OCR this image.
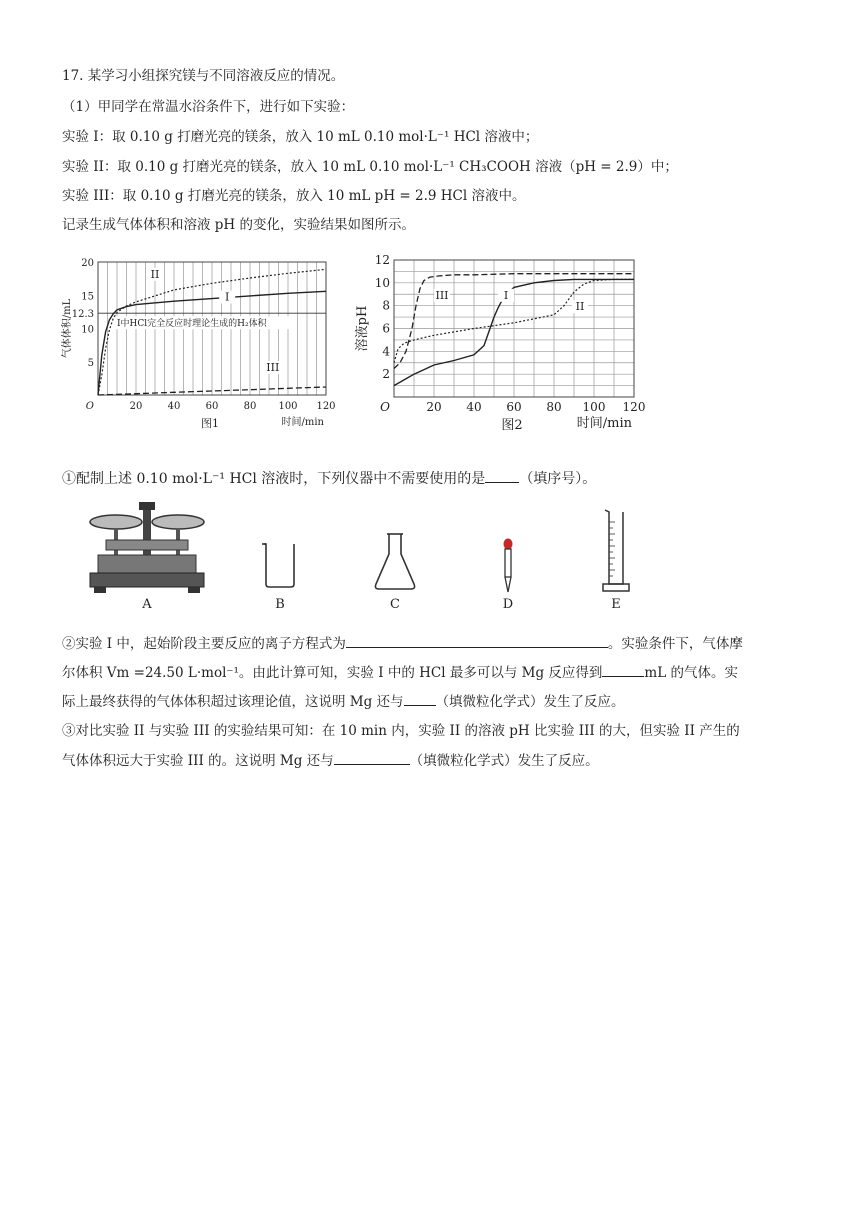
17. 某学习小组探究镁与不同溶液反应的情况。
（1）甲同学在常温水浴条件下，进行如下实验：
实验 I：取 0.10 g 打磨光亮的镁条，放入 10 mL 0.10 mol·L⁻¹ HCl 溶液中；
实验 II：取 0.10 g 打磨光亮的镁条，放入 10 mL 0.10 mol·L⁻¹ CH₃COOH 溶液（pH = 2.9）中；
实验 III：取 0.10 g 打磨光亮的镁条，放入 10 mL pH = 2.9 HCl 溶液中。
记录生成气体体积和溶液 pH 的变化，实验结果如图所示。
I中HCl完全反应时理论生成的H₂体积
20	40	60	80 100 120
5
10
12.3
15
20
O
I
II
III
时间/min
气体体积/mL
图1
20 40 60 80 100 120
2
4
6
8
10
12
O
I
II
III
时间/min
溶液pH
图2
①配制上述 0.10 mol·L⁻¹ HCl 溶液时，下列仪器中不需要使用的是 （填序号）。
A	B	C	D	E
②实验 I 中，起始阶段主要反应的离子方程式为	。实验条件下，气体摩
尔体积 Vm =24.50 L·mol⁻¹。由此计算可知，实验 I 中的 HCl 最多可以与 Mg 反应得到	mL 的气体。实
际上最终获得的气体体积超过该理论值，这说明 Mg 还与 （填微粒化学式）发生了反应。
③对比实验 II 与实验 III 的实验结果可知：在 10 min 内，实验 II 的溶液 pH 比实验 III 的大，但实验 II 产生的
气体体积远大于实验 III 的。这说明 Mg 还与	（填微粒化学式）发生了反应。
